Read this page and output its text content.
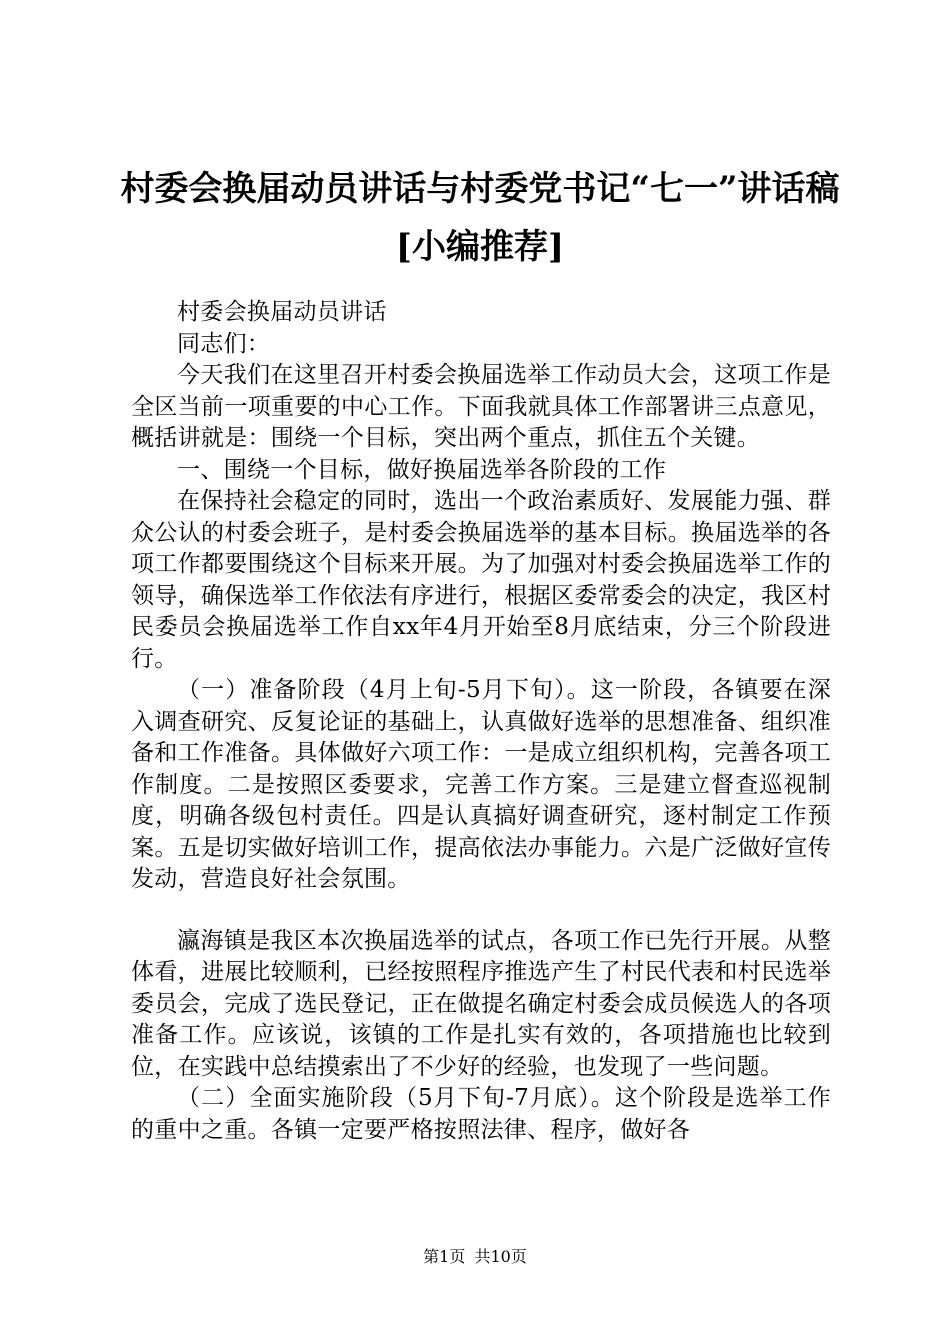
村委会换届动员讲话与村委党书记“七一”讲话稿[小编推荐]

村委会换届动员讲话

同志们：

今天我们在这里召开村委会换届选举工作动员大会，这项工作是全区当前一项重要的中心工作。下面我就具体工作部署讲三点意见，概括讲就是：围绕一个目标，突出两个重点，抓住五个关键。

一、围绕一个目标，做好换届选举各阶段的工作

在保持社会稳定的同时，选出一个政治素质好、发展能力强、群众公认的村委会班子，是村委会换届选举的基本目标。换届选举的各项工作都要围绕这个目标来开展。为了加强对村委会换届选举工作的领导，确保选举工作依法有序进行，根据区委常委会的决定，我区村民委员会换届选举工作自xx年4月开始至8月底结束，分三个阶段进行。

（一）准备阶段（4月上旬-5月下旬）。这一阶段，各镇要在深入调查研究、反复论证的基础上，认真做好选举的思想准备、组织准备和工作准备。具体做好六项工作：一是成立组织机构，完善各项工作制度。二是按照区委要求，完善工作方案。三是建立督查巡视制度，明确各级包村责任。四是认真搞好调查研究，逐村制定工作预案。五是切实做好培训工作，提高依法办事能力。六是广泛做好宣传发动，营造良好社会氛围。

瀛海镇是我区本次换届选举的试点，各项工作已先行开展。从整体看，进展比较顺利，已经按照程序推选产生了村民代表和村民选举委员会，完成了选民登记，正在做提名确定村委会成员候选人的各项准备工作。应该说，该镇的工作是扎实有效的，各项措施也比较到位，在实践中总结摸索出了不少好的经验，也发现了一些问题。

（二）全面实施阶段（5月下旬-7月底）。这个阶段是选举工作的重中之重。各镇一定要严格按照法律、程序，做好各

第1页 共10页
